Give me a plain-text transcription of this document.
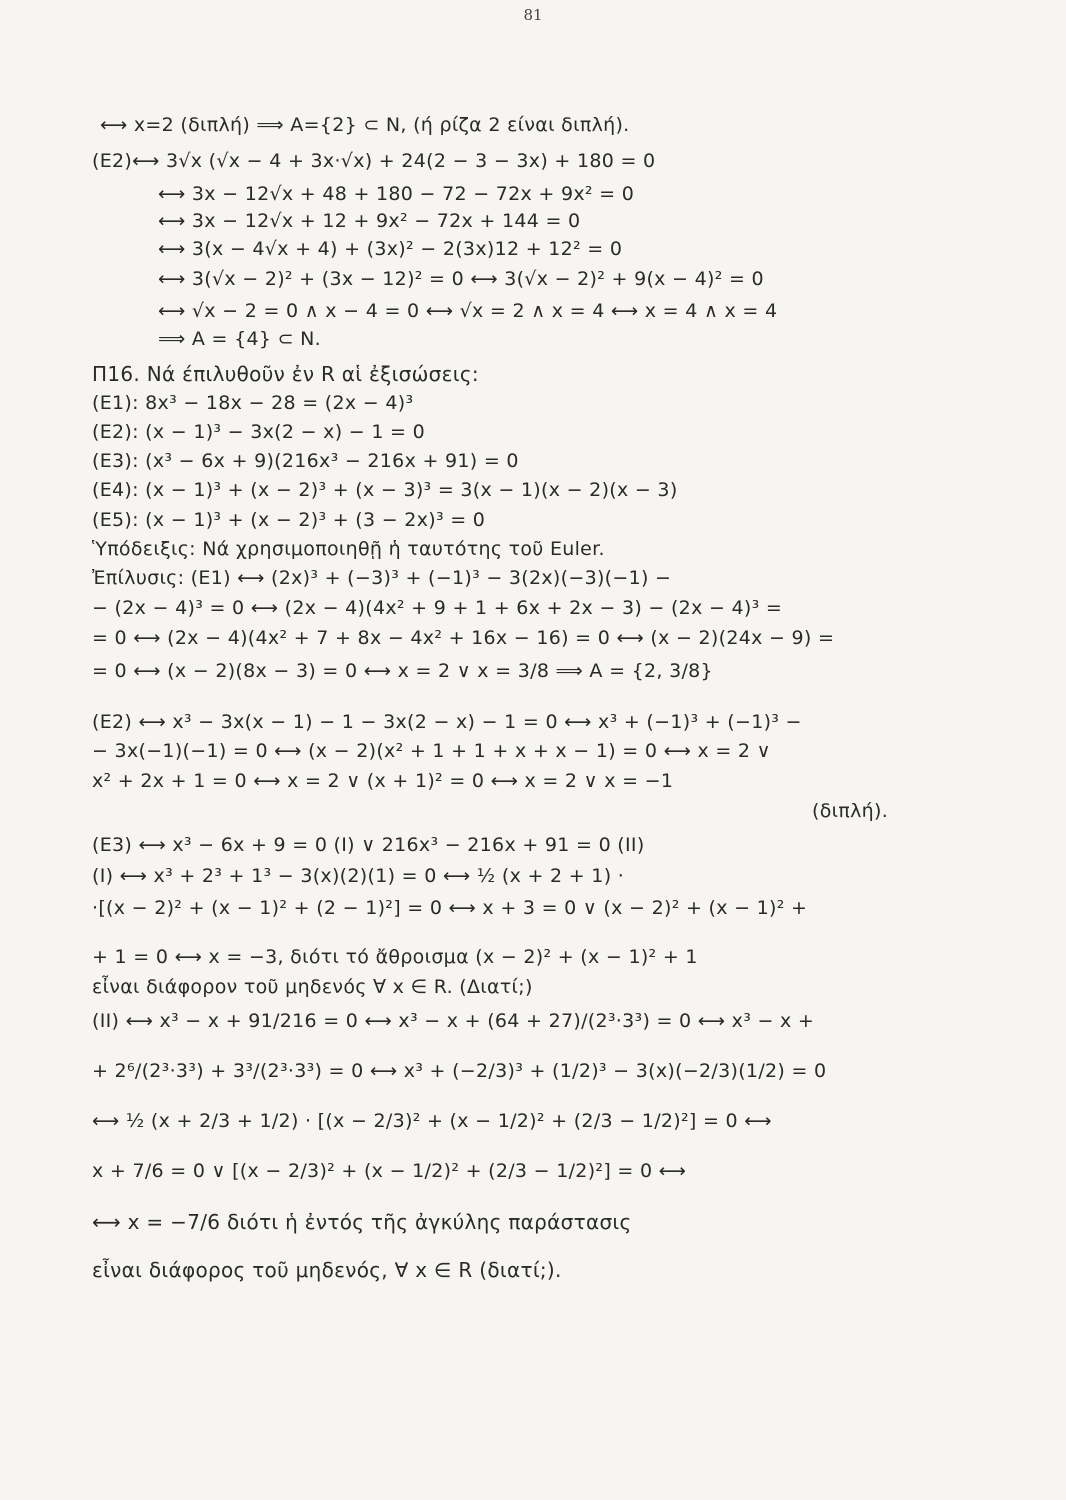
81
⟷ x=2 (διπλή) ⟹ A={2} ⊂ N, (ή ρίζα 2 είναι διπλή).
(E2)⟷ 3√x (√x − 4 + 3x·√x) + 24(2 − 3 − 3x) + 180 = 0
⟷ 3x − 12√x + 48 + 180 − 72 − 72x + 9x² = 0
⟷ 3x − 12√x + 12 + 9x² − 72x + 144 = 0
⟷ 3(x − 4√x + 4) + (3x)² − 2(3x)12 + 12² = 0
⟷ 3(√x − 2)² + (3x − 12)² = 0 ⟷ 3(√x − 2)² + 9(x − 4)² = 0
⟷ √x − 2 = 0 ∧ x − 4 = 0 ⟷ √x = 2 ∧ x = 4 ⟷ x = 4 ∧ x = 4
⟹ A = {4} ⊂ N.
Π16. Νά έπιλυθοῦν ἐν R αἱ ἐξισώσεις:
(E1): 8x³ − 18x − 28 = (2x − 4)³
(E2): (x − 1)³ − 3x(2 − x) − 1 = 0
(E3): (x³ − 6x + 9)(216x³ − 216x + 91) = 0
(E4): (x − 1)³ + (x − 2)³ + (x − 3)³ = 3(x − 1)(x − 2)(x − 3)
(E5): (x − 1)³ + (x − 2)³ + (3 − 2x)³ = 0
Ὑπόδειξις: Νά χρησιμοποιηθῇ ἡ ταυτότης τοῦ Euler.
Ἐπίλυσις: (E1) ⟷ (2x)³ + (−3)³ + (−1)³ − 3(2x)(−3)(−1) −
− (2x − 4)³ = 0 ⟷ (2x − 4)(4x² + 9 + 1 + 6x + 2x − 3) − (2x − 4)³ =
= 0 ⟷ (2x − 4)(4x² + 7 + 8x − 4x² + 16x − 16) = 0 ⟷ (x − 2)(24x − 9) =
= 0 ⟷ (x − 2)(8x − 3) = 0 ⟷ x = 2 ∨ x = 3/8 ⟹ A = {2, 3/8}
(E2) ⟷ x³ − 3x(x − 1) − 1 − 3x(2 − x) − 1 = 0 ⟷ x³ + (−1)³ + (−1)³ −
− 3x(−1)(−1) = 0 ⟷ (x − 2)(x² + 1 + 1 + x + x − 1) = 0 ⟷ x = 2 ∨
x² + 2x + 1 = 0 ⟷ x = 2 ∨ (x + 1)² = 0 ⟷ x = 2 ∨ x = −1
(διπλή).
(E3) ⟷ x³ − 6x + 9 = 0 (I) ∨ 216x³ − 216x + 91 = 0 (II)
(I) ⟷ x³ + 2³ + 1³ − 3(x)(2)(1) = 0 ⟷ ½ (x + 2 + 1) ·
·[(x − 2)² + (x − 1)² + (2 − 1)²] = 0 ⟷ x + 3 = 0 ∨ (x − 2)² + (x − 1)² +
+ 1 = 0 ⟷ x = −3, διότι τό ἄθροισμα (x − 2)² + (x − 1)² + 1
εἶναι διάφορον τοῦ μηδενός ∀ x ∈ R. (Διατί;)
(II) ⟷ x³ − x + 91/216 = 0 ⟷ x³ − x + (64 + 27)/(2³·3³) = 0 ⟷ x³ − x +
+ 2⁶/(2³·3³) + 3³/(2³·3³) = 0 ⟷ x³ + (−2/3)³ + (1/2)³ − 3(x)(−2/3)(1/2) = 0
⟷ ½ (x + 2/3 + 1/2) · [(x − 2/3)² + (x − 1/2)² + (2/3 − 1/2)²] = 0 ⟷
x + 7/6 = 0 ∨ [(x − 2/3)² + (x − 1/2)² + (2/3 − 1/2)²] = 0 ⟷
⟷ x = −7/6 διότι ἡ ἐντός τῆς ἀγκύλης παράστασις
εἶναι διάφορος τοῦ μηδενός, ∀ x ∈ R (διατί;).
